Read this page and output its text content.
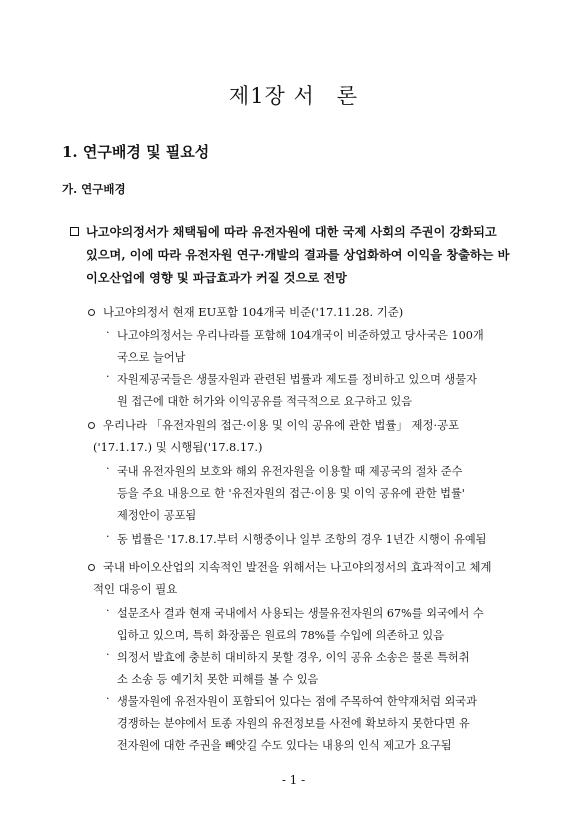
제1장 서　론
1. 연구배경 및 필요성
가. 연구배경
나고야의정서가 채택됨에 따라 유전자원에 대한 국제 사회의 주권이 강화되고
있으며, 이에 따라 유전자원 연구·개발의 결과를 상업화하여 이익을 창출하는 바
이오산업에 영향 및 파급효과가 커질 것으로 전망
나고야의정서 현재 EU포함 104개국 비준('17.11.28. 기준)
· 나고야의정서는 우리나라를 포함해 104개국이 비준하였고 당사국은 100개
국으로 늘어남
· 자원제공국들은 생물자원과 관련된 법률과 제도를 정비하고 있으며 생물자
원 접근에 대한 허가와 이익공유를 적극적으로 요구하고 있음
우리나라 「유전자원의 접근·이용 및 이익 공유에 관한 법률」 제정·공포
('17.1.17.) 및 시행됨('17.8.17.)
· 국내 유전자원의 보호와 해외 유전자원을 이용할 때 제공국의 절차 준수
등을 주요 내용으로 한 '유전자원의 접근·이용 및 이익 공유에 관한 법률'
제정안이 공포됨
· 동 법률은 '17.8.17.부터 시행중이나 일부 조항의 경우 1년간 시행이 유예됨
국내 바이오산업의 지속적인 발전을 위해서는 나고야의정서의 효과적이고 체계
적인 대응이 필요
· 설문조사 결과 현재 국내에서 사용되는 생물유전자원의 67%를 외국에서 수
입하고 있으며, 특히 화장품은 원료의 78%를 수입에 의존하고 있음
· 의정서 발효에 충분히 대비하지 못할 경우, 이익 공유 소송은 물론 특허취
소 소송 등 예기치 못한 피해를 볼 수 있음
· 생물자원에 유전자원이 포함되어 있다는 점에 주목하여 한약재처럼 외국과
경쟁하는 분야에서 토종 자원의 유전정보를 사전에 확보하지 못한다면 유
전자원에 대한 주권을 빼앗길 수도 있다는 내용의 인식 제고가 요구됨
- 1 -
